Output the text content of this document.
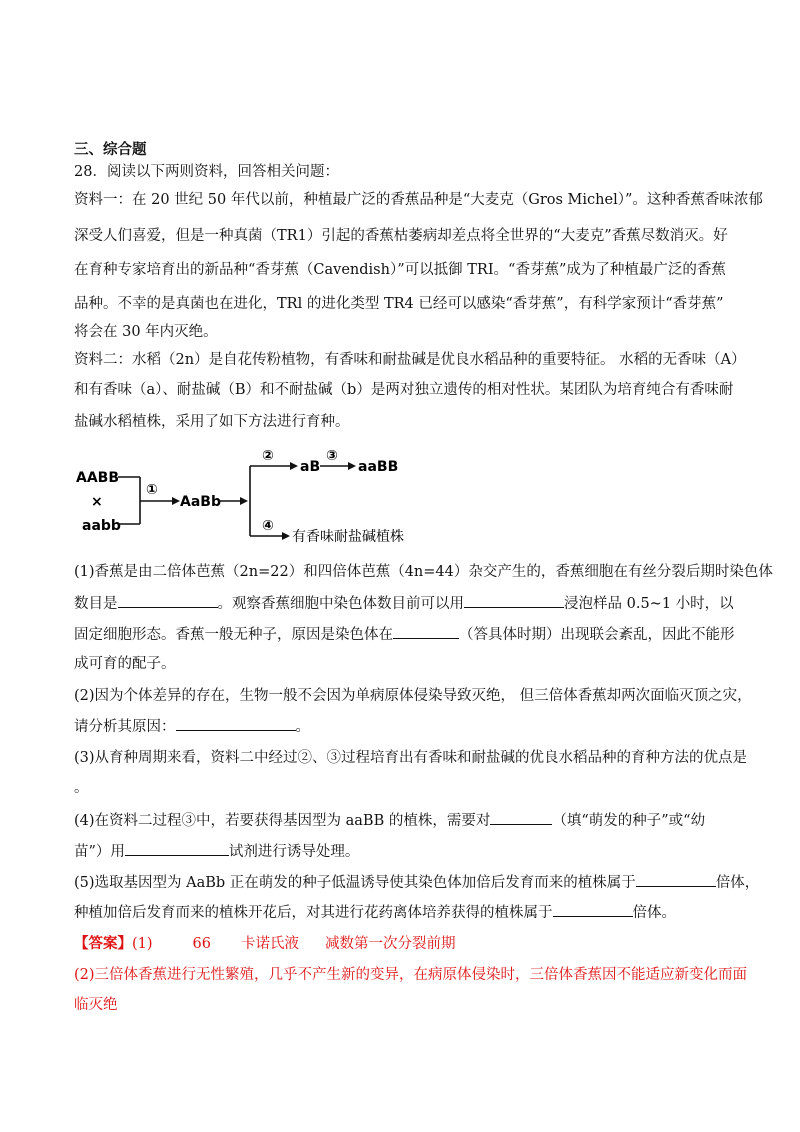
三、综合题
28．阅读以下两则资料，回答相关问题：
资料一：在 20 世纪 50 年代以前，种植最广泛的香蕉品种是“大麦克（Gros Michel）”。这种香蕉香味浓郁
深受人们喜爱，但是一种真菌（TR1）引起的香蕉枯萎病却差点将全世界的“大麦克”香蕉尽数消灭。好
在育种专家培育出的新品种“香芽蕉（Cavendish）”可以抵御 TRI。“香芽蕉”成为了种植最广泛的香蕉
品种。不幸的是真菌也在进化，TRl 的进化类型 TR4 已经可以感染“香芽蕉”，有科学家预计“香芽蕉”
将会在 30 年内灭绝。
资料二：水稻（2n）是自花传粉植物，有香味和耐盐碱是优良水稻品种的重要特征。 水稻的无香味（A）
和有香味（a）、耐盐碱（B）和不耐盐碱（b）是两对独立遗传的相对性状。某团队为培育纯合有香味耐
盐碱水稻植株，采用了如下方法进行育种。
AABB
×
aabb
①
AaBb
②
aB
③
aaBB
④
有香味耐盐碱植株
(1)香蕉是由二倍体芭蕉（2n=22）和四倍体芭蕉（4n=44）杂交产生的，香蕉细胞在有丝分裂后期时染色体
数目是	。观察香蕉细胞中染色体数目前可以用	浸泡样品 0.5~1 小时，以
固定细胞形态。香蕉一般无种子，原因是染色体在	（答具体时期）出现联会紊乱，因此不能形
成可育的配子。
(2)因为个体差异的存在，生物一般不会因为单病原体侵染导致灭绝， 但三倍体香蕉却两次面临灭顶之灾，
请分析其原因：	。
(3)从育种周期来看，资料二中经过②、③过程培育出有香味和耐盐碱的优良水稻品种的育种方法的优点是
。
(4)在资料二过程③中，若要获得基因型为 aaBB 的植株，需要对	（填“萌发的种子”或“幼
苗”）用	试剂进行诱导处理。
(5)选取基因型为 AaBb 正在萌发的种子低温诱导使其染色体加倍后发育而来的植株属于	倍体，
种植加倍后发育而来的植株开花后，对其进行花药离体培养获得的植株属于	倍体。
【答案】(1)	66 卡诺氏液 减数第一次分裂前期
(2)三倍体香蕉进行无性繁殖，几乎不产生新的变异，在病原体侵染时，三倍体香蕉因不能适应新变化而面
临灭绝
